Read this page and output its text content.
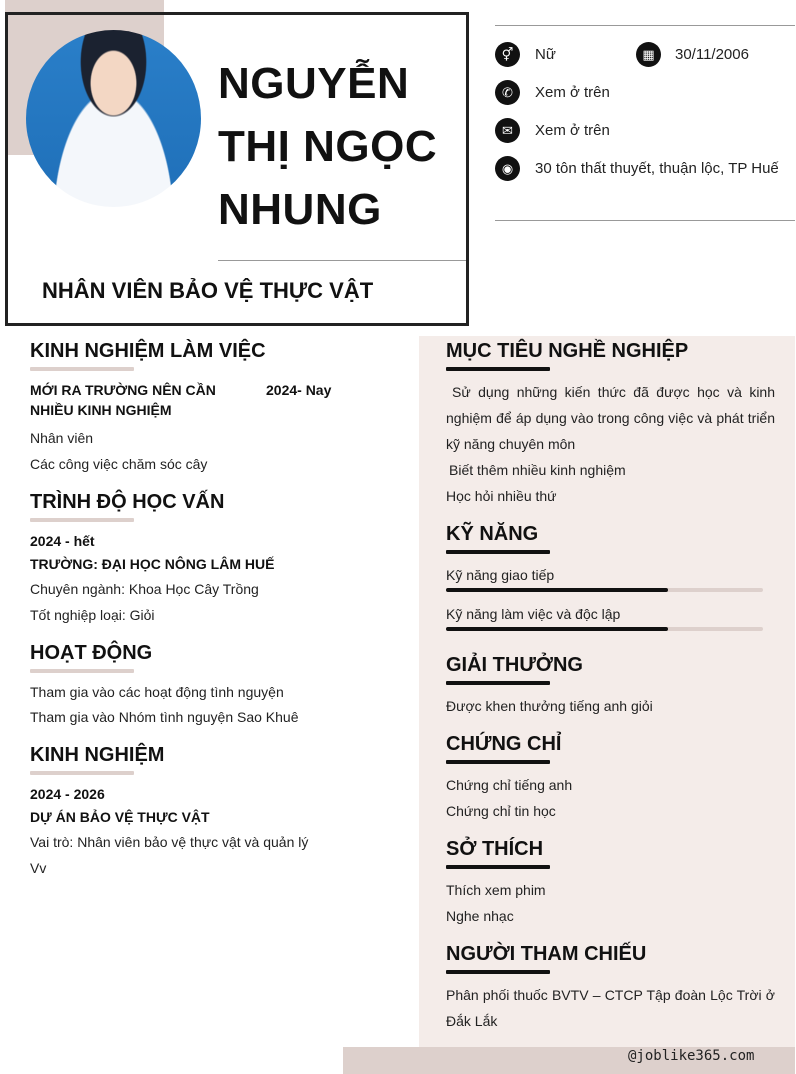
NGUYỄN
THỊ NGỌC
NHUNG
NHÂN VIÊN BẢO VỆ THỰC VẬT
⚥	Nữ	▦	30/11/2006
✆	Xem ở trên
✉	Xem ở trên
◉	30 tôn thất thuyết, thuận lộc, TP Huế
KINH NGHIỆM LÀM VIỆC
MỚI RA TRƯỜNG NÊN CẦN NHIỀU KINH NGHIỆM
2024- Nay
Nhân viên
Các công việc chăm sóc cây
TRÌNH ĐỘ HỌC VẤN
2024 - hết
TRƯỜNG: ĐẠI HỌC NÔNG LÂM HUẾ
Chuyên ngành: Khoa Học Cây Trồng
Tốt nghiệp loại: Giỏi
HOẠT ĐỘNG
Tham gia vào các hoạt động tình nguyện
Tham gia vào Nhóm tình nguyện Sao Khuê
KINH NGHIỆM
2024 - 2026
DỰ ÁN BẢO VỆ THỰC VẬT
Vai trò: Nhân viên bảo vệ thực vật và quản lý
Vv
MỤC TIÊU NGHỀ NGHIỆP
Sử dụng những kiến thức đã được học và kinh nghiệm để áp dụng vào trong công việc và phát triển kỹ năng chuyên môn
Biết thêm nhiều kinh nghiệm
Học hỏi nhiều thứ
KỸ NĂNG
Kỹ năng giao tiếp
Kỹ năng làm việc và độc lập
GIẢI THƯỞNG
Được khen thưởng tiếng anh giỏi
CHỨNG CHỈ
Chứng chỉ tiếng anh
Chứng chỉ tin học
SỞ THÍCH
Thích xem phim
Nghe nhạc
NGƯỜI THAM CHIẾU
Phân phối thuốc BVTV – CTCP Tập đoàn Lộc Trời ở Đắk Lắk
@joblike365.com
